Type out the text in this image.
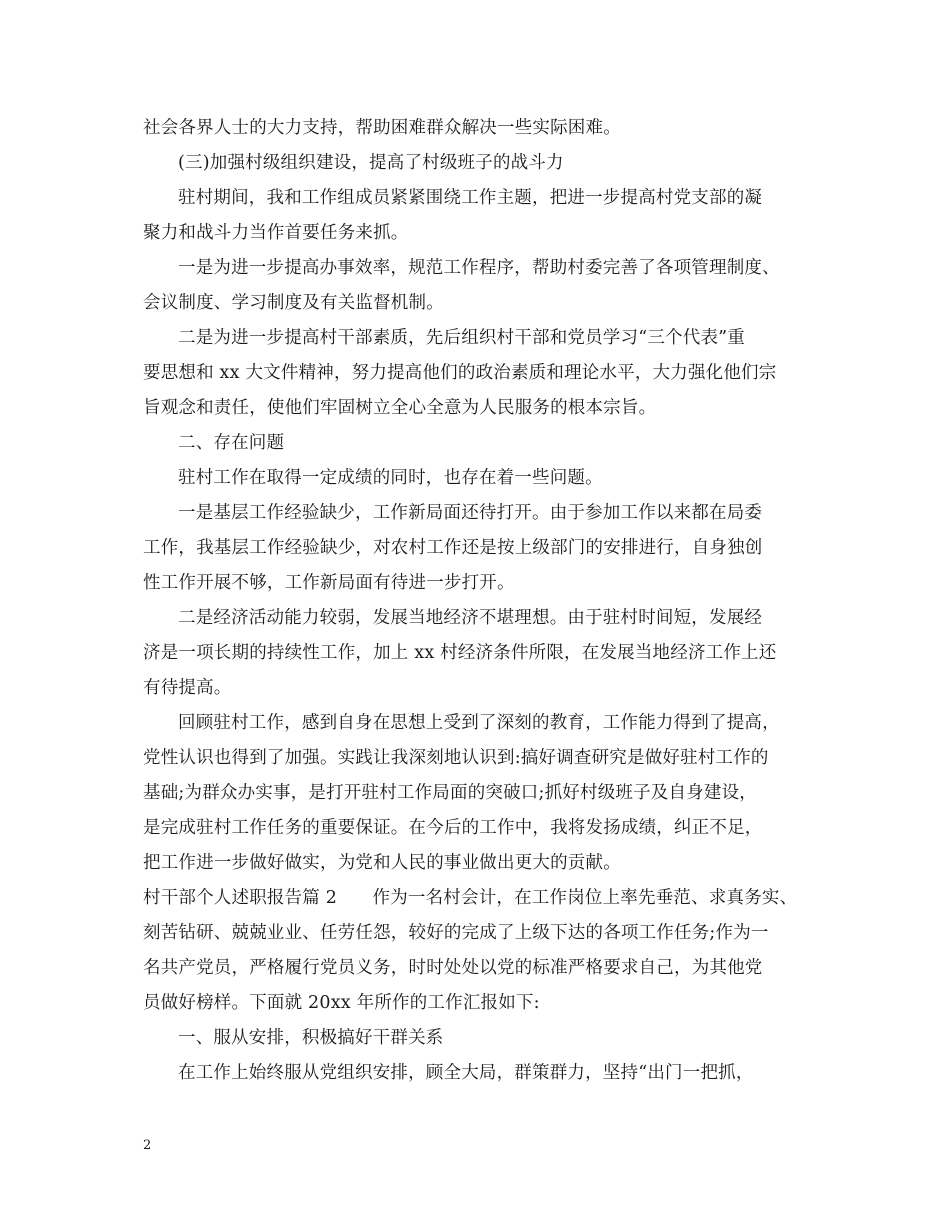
社会各界人士的大力支持，帮助困难群众解决一些实际困难。
(三)加强村级组织建设，提高了村级班子的战斗力
驻村期间，我和工作组成员紧紧围绕工作主题，把进一步提高村党支部的凝
聚力和战斗力当作首要任务来抓。
一是为进一步提高办事效率，规范工作程序，帮助村委完善了各项管理制度、
会议制度、学习制度及有关监督机制。
二是为进一步提高村干部素质，先后组织村干部和党员学习“三个代表”重
要思想和 xx 大文件精神，努力提高他们的政治素质和理论水平，大力强化他们宗
旨观念和责任，使他们牢固树立全心全意为人民服务的根本宗旨。
二、存在问题
驻村工作在取得一定成绩的同时，也存在着一些问题。
一是基层工作经验缺少，工作新局面还待打开。由于参加工作以来都在局委
工作，我基层工作经验缺少，对农村工作还是按上级部门的安排进行，自身独创
性工作开展不够，工作新局面有待进一步打开。
二是经济活动能力较弱，发展当地经济不堪理想。由于驻村时间短，发展经
济是一项长期的持续性工作，加上 xx 村经济条件所限，在发展当地经济工作上还
有待提高。
回顾驻村工作，感到自身在思想上受到了深刻的教育，工作能力得到了提高，
党性认识也得到了加强。实践让我深刻地认识到:搞好调查研究是做好驻村工作的
基础;为群众办实事，是打开驻村工作局面的突破口;抓好村级班子及自身建设，
是完成驻村工作任务的重要保证。在今后的工作中，我将发扬成绩，纠正不足，
把工作进一步做好做实，为党和人民的事业做出更大的贡献。
村干部个人述职报告篇 2　　作为一名村会计，在工作岗位上率先垂范、求真务实、
刻苦钻研、兢兢业业、任劳任怨，较好的完成了上级下达的各项工作任务;作为一
名共产党员，严格履行党员义务，时时处处以党的标准严格要求自己，为其他党
员做好榜样。下面就 20xx 年所作的工作汇报如下:
一、服从安排，积极搞好干群关系
在工作上始终服从党组织安排，顾全大局，群策群力，坚持“出门一把抓，
2
